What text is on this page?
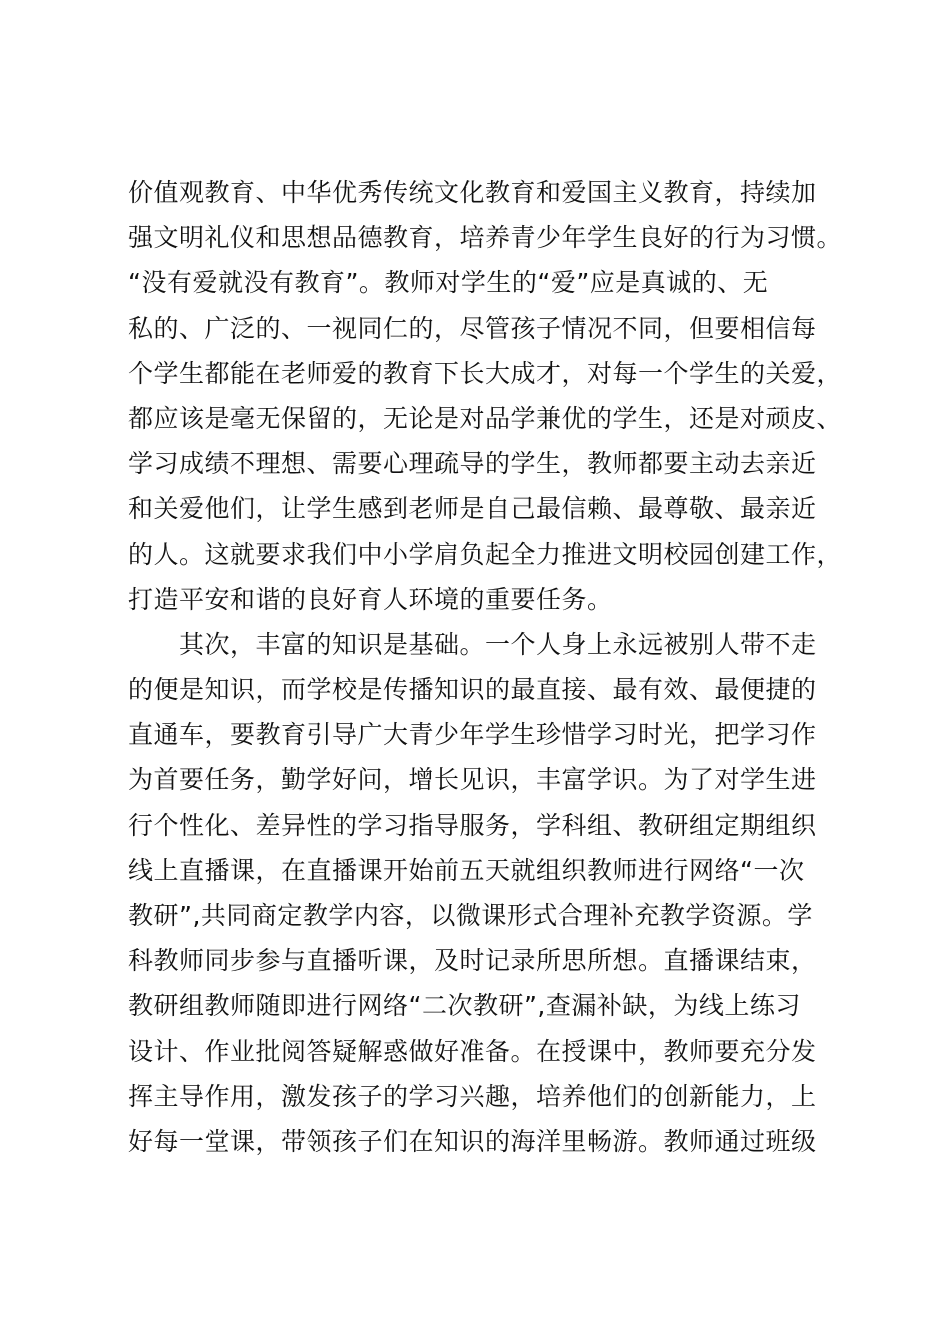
价值观教育、中华优秀传统文化教育和爱国主义教育，持续加
强文明礼仪和思想品德教育，培养青少年学生良好的行为习惯。
“没有爱就没有教育”。教师对学生的“爱”应是真诚的、无
私的、广泛的、一视同仁的，尽管孩子情况不同，但要相信每
个学生都能在老师爱的教育下长大成才，对每一个学生的关爱，
都应该是毫无保留的，无论是对品学兼优的学生，还是对顽皮、
学习成绩不理想、需要心理疏导的学生，教师都要主动去亲近
和关爱他们，让学生感到老师是自己最信赖、最尊敬、最亲近
的人。这就要求我们中小学肩负起全力推进文明校园创建工作，
打造平安和谐的良好育人环境的重要任务。
　　其次，丰富的知识是基础。一个人身上永远被别人带不走
的便是知识，而学校是传播知识的最直接、最有效、最便捷的
直通车，要教育引导广大青少年学生珍惜学习时光，把学习作
为首要任务，勤学好问，增长见识，丰富学识。为了对学生进
行个性化、差异性的学习指导服务，学科组、教研组定期组织
线上直播课，在直播课开始前五天就组织教师进行网络“一次
教研”,共同商定教学内容，以微课形式合理补充教学资源。学
科教师同步参与直播听课，及时记录所思所想。直播课结束，
教研组教师随即进行网络“二次教研”,查漏补缺，为线上练习
设计、作业批阅答疑解惑做好准备。在授课中，教师要充分发
挥主导作用，激发孩子的学习兴趣，培养他们的创新能力，上
好每一堂课，带领孩子们在知识的海洋里畅游。教师通过班级
